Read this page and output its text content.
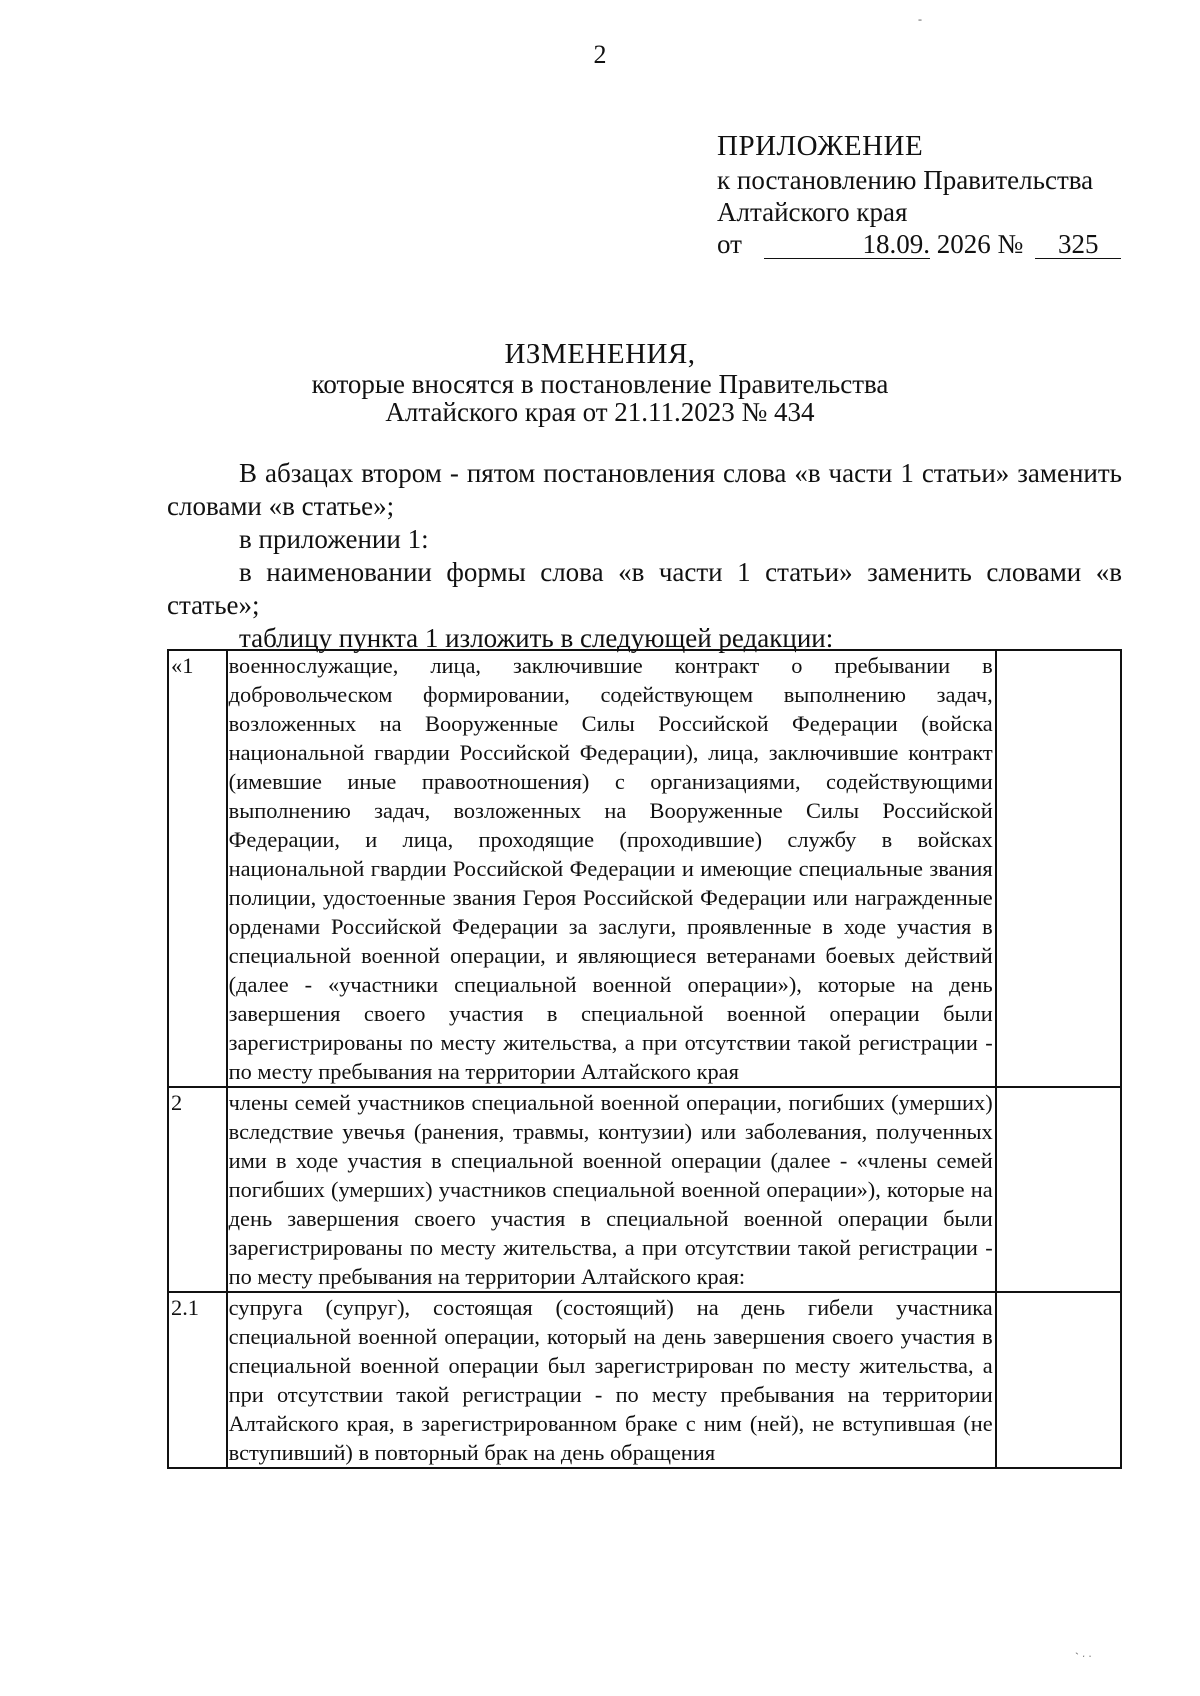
2
ПРИЛОЖЕНИЕ
к постановлению Правительства
Алтайского края
от	18.09. 2026 № 325
ИЗМЕНЕНИЯ,
которые вносятся в постановление Правительства
Алтайского края от 21.11.2023 № 434

В абзацах втором - пятом постановления слова «в части 1 статьи» заменить словами «в статье»;

в приложении 1:

в наименовании формы слова «в части 1 статьи» заменить словами «в статье»;

таблицу пункта 1 изложить в следующей редакции:

«1	военнослужащие, лица, заключившие контракт о пребывании в добровольческом формировании, содействующем выполнению задач, возложенных на Вооруженные Силы Российской Федерации (войска национальной гвардии Российской Федерации), лица, заключившие контракт (имевшие иные правоотношения) с организациями, содействующими выполнению задач, возложенных на Вооруженные Силы Российской Федерации, и лица, проходящие (проходившие) службу в войсках национальной гвардии Российской Федерации и имеющие специальные звания полиции, удостоенные звания Героя Российской Федерации или награжденные орденами Российской Федерации за заслуги, проявленные в ходе участия в специальной военной операции, и являющиеся ветеранами боевых действий (далее - «участники специальной военной операции»), которые на день завершения своего участия в специальной военной операции были зарегистрированы по месту жительства, а при отсутствии такой регистрации - по месту пребывания на территории Алтайского края	
2	члены семей участников специальной военной операции, погибших (умерших) вследствие увечья (ранения, травмы, контузии) или заболевания, полученных ими в ходе участия в специальной военной операции (далее - «члены семей погибших (умерших) участников специальной военной операции»), которые на день завершения своего участия в специальной военной операции были зарегистрированы по месту жительства, а при отсутствии такой регистрации - по месту пребывания на территории Алтайского края:	
2.1	супруга (супруг), состоящая (состоящий) на день гибели участника специальной военной операции, который на день завершения своего участия в специальной военной операции был зарегистрирован по месту жительства, а при отсутствии такой регистрации - по месту пребывания на территории Алтайского края, в зарегистрированном браке с ним (ней), не вступившая (не вступивший) в повторный брак на день обращения	
-
ˋ ˑ ˑ
